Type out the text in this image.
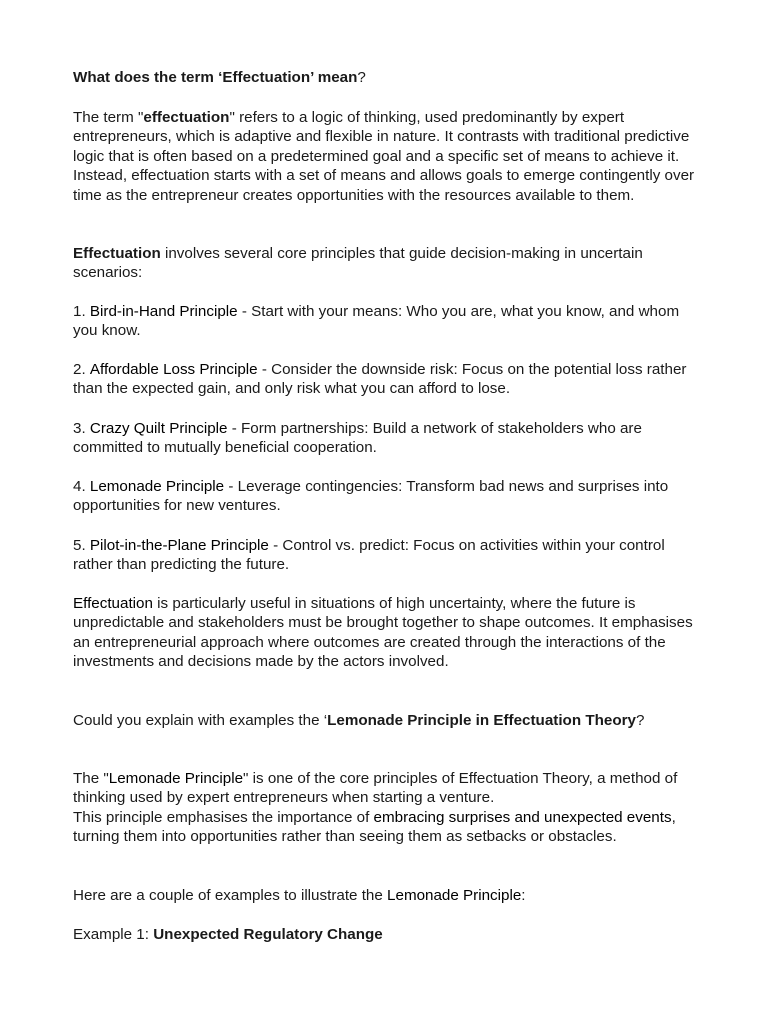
What does the term ‘Effectuation’ mean?

The term "effectuation" refers to a logic of thinking, used predominantly by expert entrepreneurs, which is adaptive and flexible in nature. It contrasts with traditional predictive logic that is often based on a predetermined goal and a specific set of means to achieve it. Instead, effectuation starts with a set of means and allows goals to emerge contingently over time as the entrepreneur creates opportunities with the resources available to them.

Effectuation involves several core principles that guide decision-making in uncertain scenarios:

1. Bird-in-Hand Principle - Start with your means: Who you are, what you know, and whom you know.

2. Affordable Loss Principle - Consider the downside risk: Focus on the potential loss rather than the expected gain, and only risk what you can afford to lose.

3. Crazy Quilt Principle - Form partnerships: Build a network of stakeholders who are committed to mutually beneficial cooperation.

4. Lemonade Principle - Leverage contingencies: Transform bad news and surprises into opportunities for new ventures.

5. Pilot-in-the-Plane Principle - Control vs. predict: Focus on activities within your control rather than predicting the future.

Effectuation is particularly useful in situations of high uncertainty, where the future is unpredictable and stakeholders must be brought together to shape outcomes. It emphasises an entrepreneurial approach where outcomes are created through the interactions of the investments and decisions made by the actors involved.

Could you explain with examples the ‘Lemonade Principle in Effectuation Theory?

The "Lemonade Principle" is one of the core principles of Effectuation Theory, a method of thinking used by expert entrepreneurs when starting a venture.
This principle emphasises the importance of embracing surprises and unexpected events, turning them into opportunities rather than seeing them as setbacks or obstacles.

Here are a couple of examples to illustrate the Lemonade Principle:

Example 1: Unexpected Regulatory Change
